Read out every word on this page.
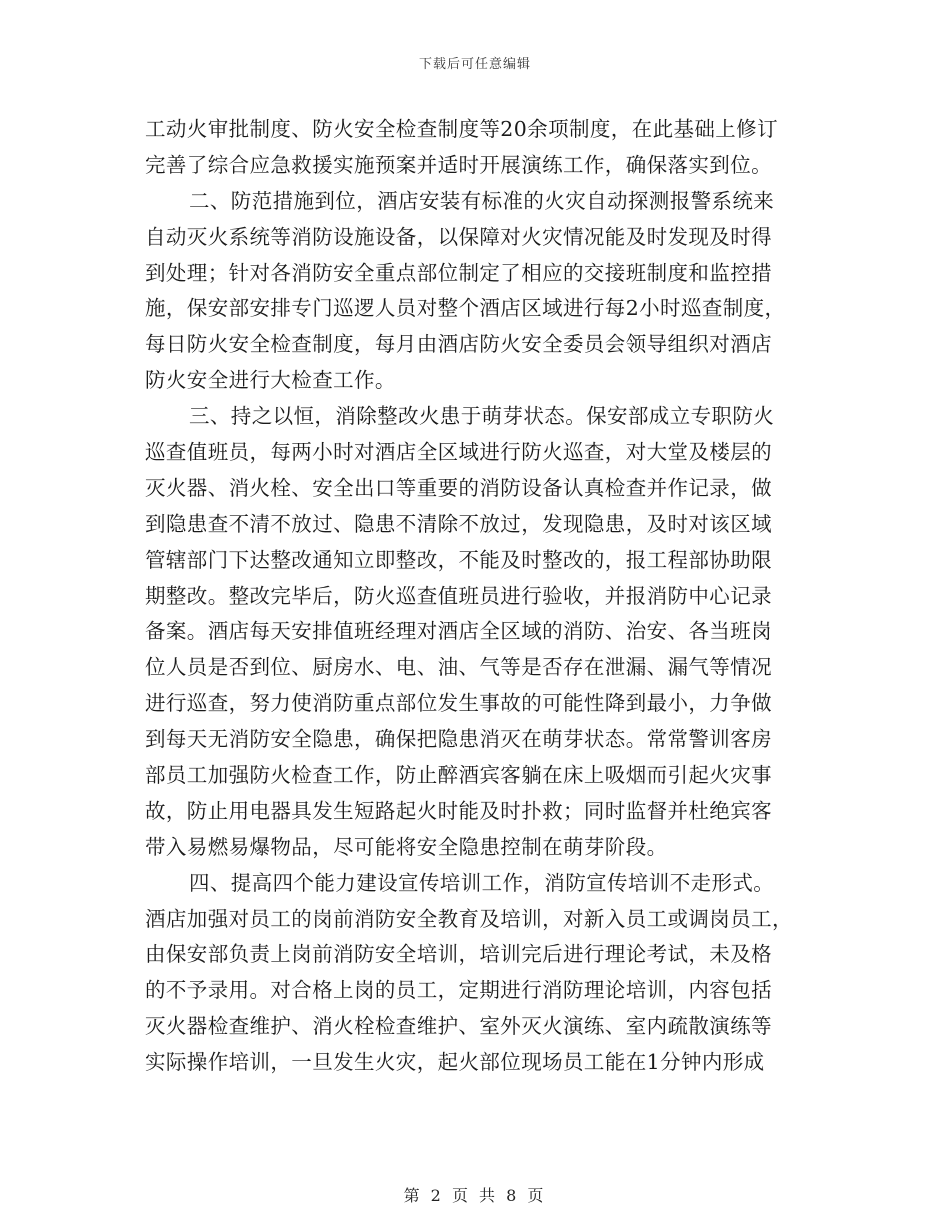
下载后可任意编辑
工动火审批制度、防火安全检查制度等20余项制度，在此基础上修订
完善了综合应急救援实施预案并适时开展演练工作，确保落实到位。
二、防范措施到位，酒店安装有标准的火灾自动探测报警系统来
自动灭火系统等消防设施设备，以保障对火灾情况能及时发现及时得
到处理；针对各消防安全重点部位制定了相应的交接班制度和监控措
施，保安部安排专门巡逻人员对整个酒店区域进行每2小时巡查制度，
每日防火安全检查制度，每月由酒店防火安全委员会领导组织对酒店
防火安全进行大检查工作。
三、持之以恒，消除整改火患于萌芽状态。保安部成立专职防火
巡查值班员，每两小时对酒店全区域进行防火巡查，对大堂及楼层的
灭火器、消火栓、安全出口等重要的消防设备认真检查并作记录，做
到隐患查不清不放过、隐患不清除不放过，发现隐患，及时对该区域
管辖部门下达整改通知立即整改，不能及时整改的，报工程部协助限
期整改。整改完毕后，防火巡查值班员进行验收，并报消防中心记录
备案。酒店每天安排值班经理对酒店全区域的消防、治安、各当班岗
位人员是否到位、厨房水、电、油、气等是否存在泄漏、漏气等情况
进行巡查，努力使消防重点部位发生事故的可能性降到最小，力争做
到每天无消防安全隐患，确保把隐患消灭在萌芽状态。常常警训客房
部员工加强防火检查工作，防止醉酒宾客躺在床上吸烟而引起火灾事
故，防止用电器具发生短路起火时能及时扑救；同时监督并杜绝宾客
带入易燃易爆物品，尽可能将安全隐患控制在萌芽阶段。
四、提高四个能力建设宣传培训工作，消防宣传培训不走形式。
酒店加强对员工的岗前消防安全教育及培训，对新入员工或调岗员工，
由保安部负责上岗前消防安全培训，培训完后进行理论考试，未及格
的不予录用。对合格上岗的员工，定期进行消防理论培训，内容包括
灭火器检查维护、消火栓检查维护、室外灭火演练、室内疏散演练等
实际操作培训，一旦发生火灾，起火部位现场员工能在1分钟内形成
第 2 页 共 8 页
